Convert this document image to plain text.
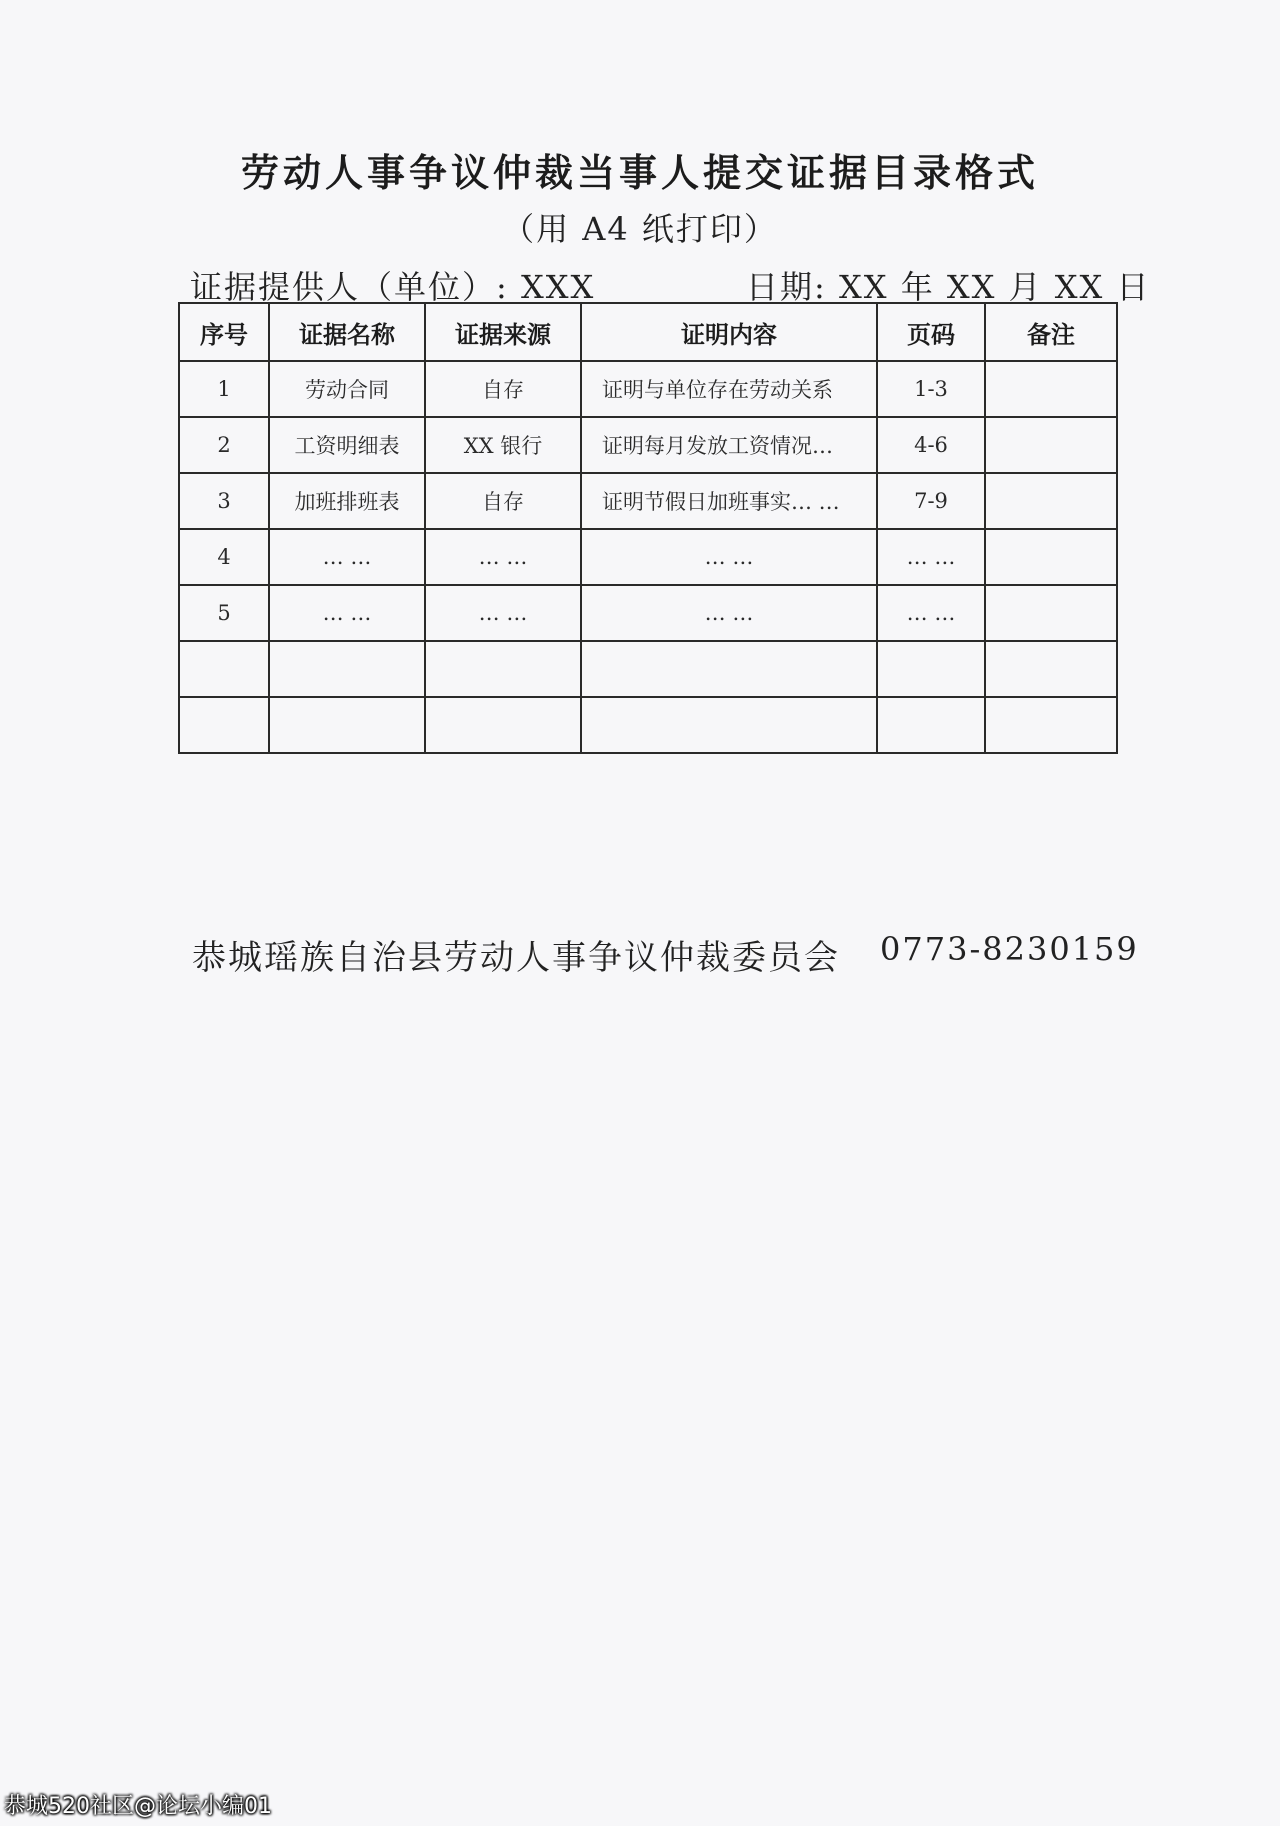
劳动人事争议仲裁当事人提交证据目录格式
（用 A4 纸打印）
证据提供人（单位）: XXX	日期: XX 年 XX 月 XX 日
序号	证据名称	证据来源	证明内容	页码	备注
1	劳动合同	自存	证明与单位存在劳动关系	1-3	
2	工资明细表	XX 银行	证明每月发放工资情况…	4-6	
3	加班排班表	自存	证明节假日加班事实… …	7-9	
4	… …	… …	… …	… …	
5	… …	… …	… …	… …	

恭城瑶族自治县劳动人事争议仲裁委员会 0773-8230159
恭城520社区@论坛小编01
